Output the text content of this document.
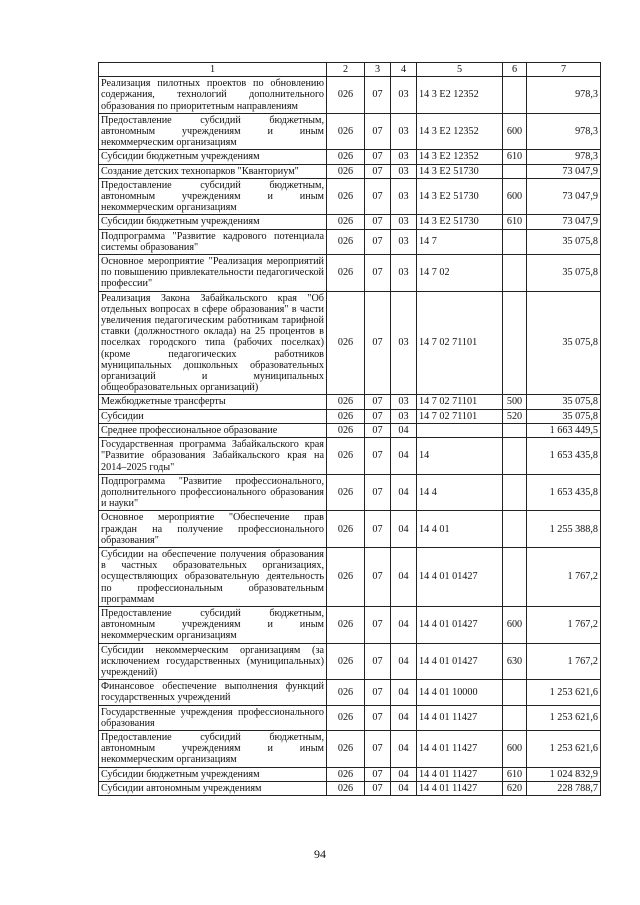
1	2	3	4	5	6	7
Реализация пилотных проектов по обновлению содержания, технологий дополнительного образования по приоритетным направлениям	026	07	03	14 3 Е2 12352		978,3
Предоставление субсидий бюджетным, автономным учреждениям и иным некоммерческим организациям	026	07	03	14 3 Е2 12352	600	978,3
Субсидии бюджетным учреждениям	026	07	03	14 3 Е2 12352	610	978,3
Создание детских технопарков "Кванториум"	026	07	03	14 3 Е2 51730		73 047,9
Предоставление субсидий бюджетным, автономным учреждениям и иным некоммерческим организациям	026	07	03	14 3 Е2 51730	600	73 047,9
Субсидии бюджетным учреждениям	026	07	03	14 3 Е2 51730	610	73 047,9
Подпрограмма "Развитие кадрового потенциала системы образования"	026	07	03	14 7		35 075,8
Основное мероприятие "Реализация мероприятий по повышению привлекательности педагогической профессии"	026	07	03	14 7 02		35 075,8
Реализация Закона Забайкальского края "Об отдельных вопросах в сфере образования" в части увеличения педагогическим работникам тарифной ставки (должностного оклада) на 25 процентов в поселках городского типа (рабочих поселках) (кроме педагогических работников муниципальных дошкольных образовательных организаций и муниципальных общеобразовательных организаций)	026	07	03	14 7 02 71101		35 075,8
Межбюджетные трансферты	026	07	03	14 7 02 71101	500	35 075,8
Субсидии	026	07	03	14 7 02 71101	520	35 075,8
Среднее профессиональное образование	026	07	04			1 663 449,5
Государственная программа Забайкальского края "Развитие образования Забайкальского края на 2014–2025 годы"	026	07	04	14		1 653 435,8
Подпрограмма "Развитие профессионального, дополнительного профессионального образования и науки"	026	07	04	14 4		1 653 435,8
Основное мероприятие "Обеспечение прав граждан на получение профессионального образования"	026	07	04	14 4 01		1 255 388,8
Субсидии на обеспечение получения образования в частных образовательных организациях, осуществляющих образовательную деятельность по профессиональным образовательным программам	026	07	04	14 4 01 01427		1 767,2
Предоставление субсидий бюджетным, автономным учреждениям и иным некоммерческим организациям	026	07	04	14 4 01 01427	600	1 767,2
Субсидии некоммерческим организациям (за исключением государственных (муниципальных) учреждений)	026	07	04	14 4 01 01427	630	1 767,2
Финансовое обеспечение выполнения функций государственных учреждений	026	07	04	14 4 01 10000		1 253 621,6
Государственные учреждения профессионального образования	026	07	04	14 4 01 11427		1 253 621,6
Предоставление субсидий бюджетным, автономным учреждениям и иным некоммерческим организациям	026	07	04	14 4 01 11427	600	1 253 621,6
Субсидии бюджетным учреждениям	026	07	04	14 4 01 11427	610	1 024 832,9
Субсидии автономным учреждениям	026	07	04	14 4 01 11427	620	228 788,7
94
